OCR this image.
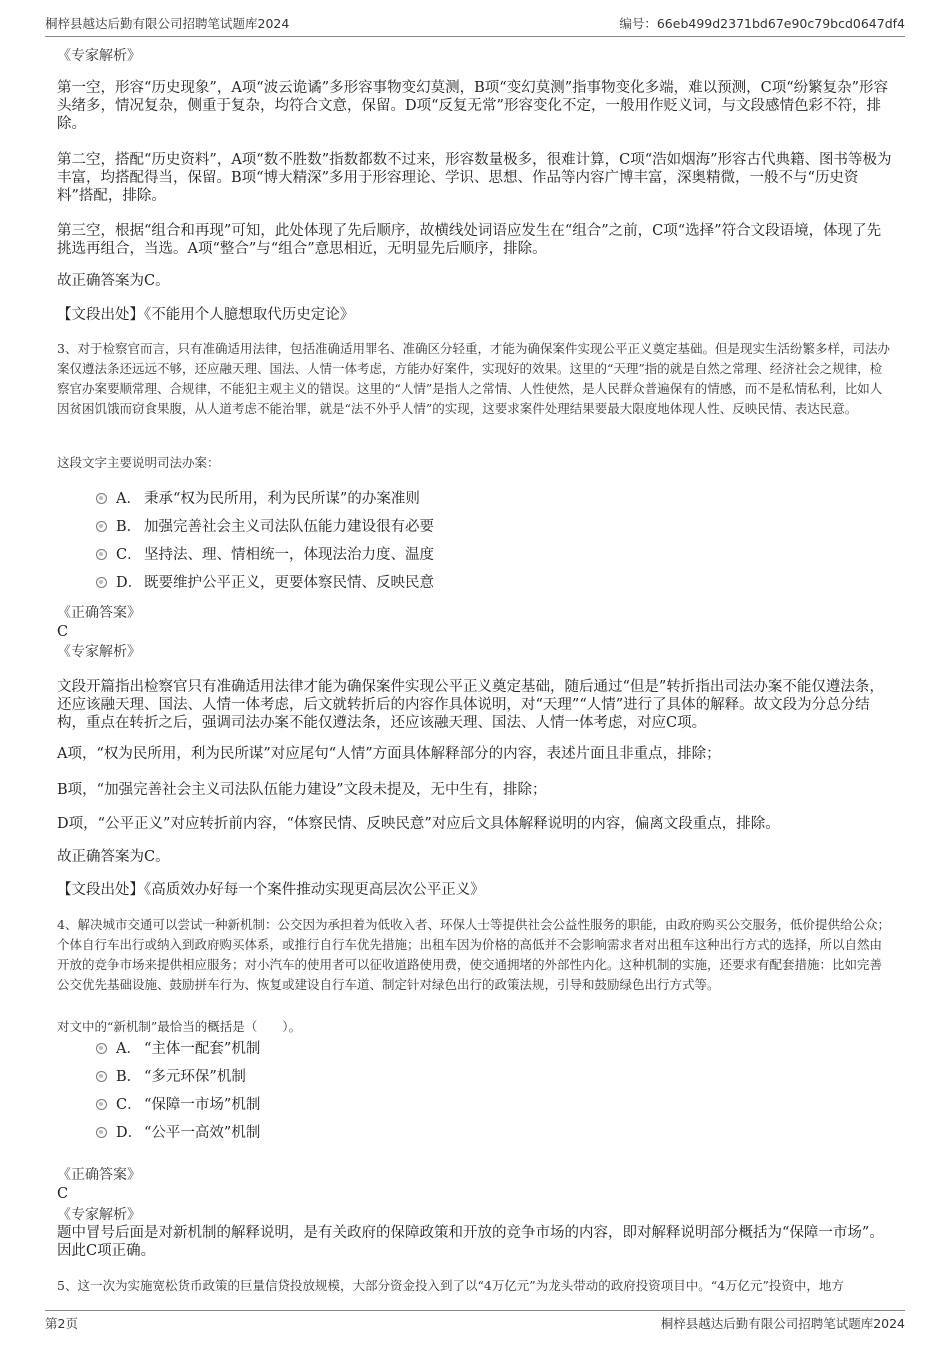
桐梓县越达后勤有限公司招聘笔试题库2024	编号：66eb499d2371bd67e90c79bcd0647df4

《专家解析》

第一空，形容“历史现象”，A项“波云诡谲”多形容事物变幻莫测，B项“变幻莫测”指事物变化多端，难以预测，C项“纷繁复杂”形容头绪多，情况复杂，侧重于复杂，均符合文意，保留。D项“反复无常”形容变化不定，一般用作贬义词，与文段感情色彩不符，排除。

第二空，搭配“历史资料”，A项“数不胜数”指数都数不过来，形容数量极多，很难计算，C项“浩如烟海”形容古代典籍、图书等极为丰富，均搭配得当，保留。B项“博大精深”多用于形容理论、学识、思想、作品等内容广博丰富，深奥精微，一般不与“历史资料”搭配，排除。

第三空，根据“组合和再现”可知，此处体现了先后顺序，故横线处词语应发生在“组合”之前，C项“选择”符合文段语境，体现了先挑选再组合，当选。A项“整合”与“组合”意思相近，无明显先后顺序，排除。

故正确答案为C。

【文段出处】《不能用个人臆想取代历史定论》

3、对于检察官而言，只有准确适用法律，包括准确适用罪名、准确区分轻重，才能为确保案件实现公平正义奠定基础。但是现实生活纷繁多样，司法办案仅遵法条还远远不够，还应融天理、国法、人情一体考虑，方能办好案件，实现好的效果。这里的“天理”指的就是自然之常理、经济社会之规律，检察官办案要顺常理、合规律，不能犯主观主义的错误。这里的“人情”是指人之常情、人性使然，是人民群众普遍保有的情感，而不是私情私利，比如人因贫困饥饿而窃食果腹，从人道考虑不能治罪，就是“法不外乎人情”的实现，这要求案件处理结果要最大限度地体现人性、反映民情、表达民意。

这段文字主要说明司法办案：

A． 秉承“权为民所用，利为民所谋”的办案准则
B． 加强完善社会主义司法队伍能力建设很有必要
C． 坚持法、理、情相统一，体现法治力度、温度
D． 既要维护公平正义，更要体察民情、反映民意

《正确答案》

C

《专家解析》

文段开篇指出检察官只有准确适用法律才能为确保案件实现公平正义奠定基础，随后通过“但是”转折指出司法办案不能仅遵法条，还应该融天理、国法、人情一体考虑，后文就转折后的内容作具体说明，对“天理”“人情”进行了具体的解释。故文段为分总分结构，重点在转折之后，强调司法办案不能仅遵法条，还应该融天理、国法、人情一体考虑，对应C项。

A项，“权为民所用，利为民所谋”对应尾句“人情”方面具体解释部分的内容，表述片面且非重点，排除；

B项，“加强完善社会主义司法队伍能力建设”文段未提及，无中生有，排除；

D项，“公平正义”对应转折前内容，“体察民情、反映民意”对应后文具体解释说明的内容，偏离文段重点，排除。

故正确答案为C。

【文段出处】《高质效办好每一个案件推动实现更高层次公平正义》

4、解决城市交通可以尝试一种新机制：公交因为承担着为低收入者、环保人士等提供社会公益性服务的职能，由政府购买公交服务，低价提供给公众；个体自行车出行或纳入到政府购买体系，或推行自行车优先措施；出租车因为价格的高低并不会影响需求者对出租车这种出行方式的选择，所以自然由开放的竞争市场来提供相应服务；对小汽车的使用者可以征收道路使用费，使交通拥堵的外部性内化。这种机制的实施，还要求有配套措施：比如完善公交优先基础设施、鼓励拼车行为、恢复或建设自行车道、制定针对绿色出行的政策法规，引导和鼓励绿色出行方式等。

对文中的“新机制”最恰当的概括是（　　）。

A． “主体一配套”机制
B． “多元环保”机制
C． “保障一市场”机制
D． “公平一高效”机制

《正确答案》

C

《专家解析》

题中冒号后面是对新机制的解释说明，是有关政府的保障政策和开放的竞争市场的内容，即对解释说明部分概括为“保障一市场”。因此C项正确。

5、这一次为实施宽松货币政策的巨量信贷投放规模，大部分资金投入到了以“4万亿元”为龙头带动的政府投资项目中。“4万亿元”投资中，地方

第2页	桐梓县越达后勤有限公司招聘笔试题库2024
